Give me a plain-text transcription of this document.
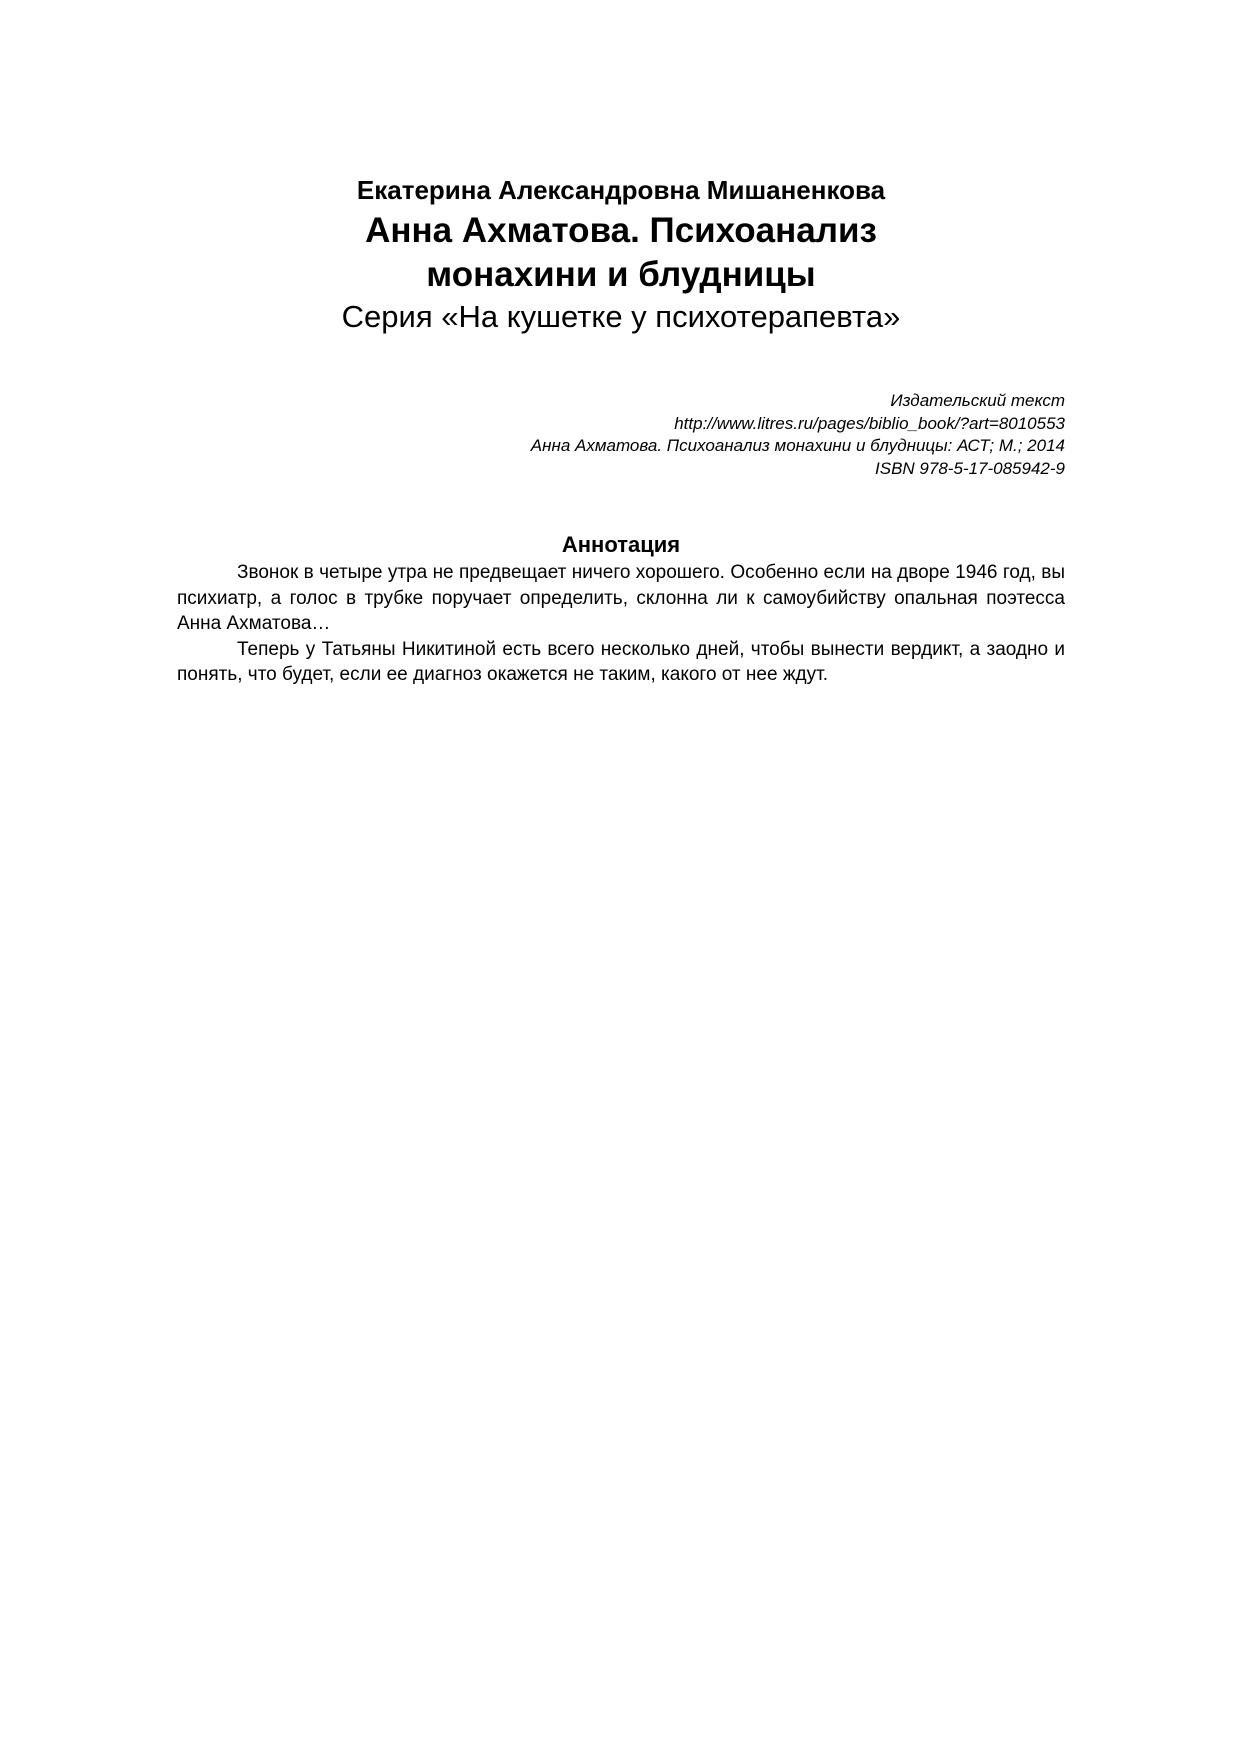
Екатерина Александровна Мишаненкова

Анна Ахматова. Психоанализ
монахини и блудницы

Серия «На кушетке у психотерапевта»

Издательский текст
http://www.litres.ru/pages/biblio_book/?art=8010553
Анна Ахматова. Психоанализ монахини и блудницы: АСТ; М.; 2014
ISBN 978-5-17-085942-9

Аннотация

Звонок в четыре утра не предвещает ничего хорошего. Особенно если на дворе 1946 год, вы психиатр, а голос в трубке поручает определить, склонна ли к самоубийству опальная поэтесса Анна Ахматова…

Теперь у Татьяны Никитиной есть всего несколько дней, чтобы вынести вердикт, а заодно и понять, что будет, если ее диагноз окажется не таким, какого от нее ждут.
